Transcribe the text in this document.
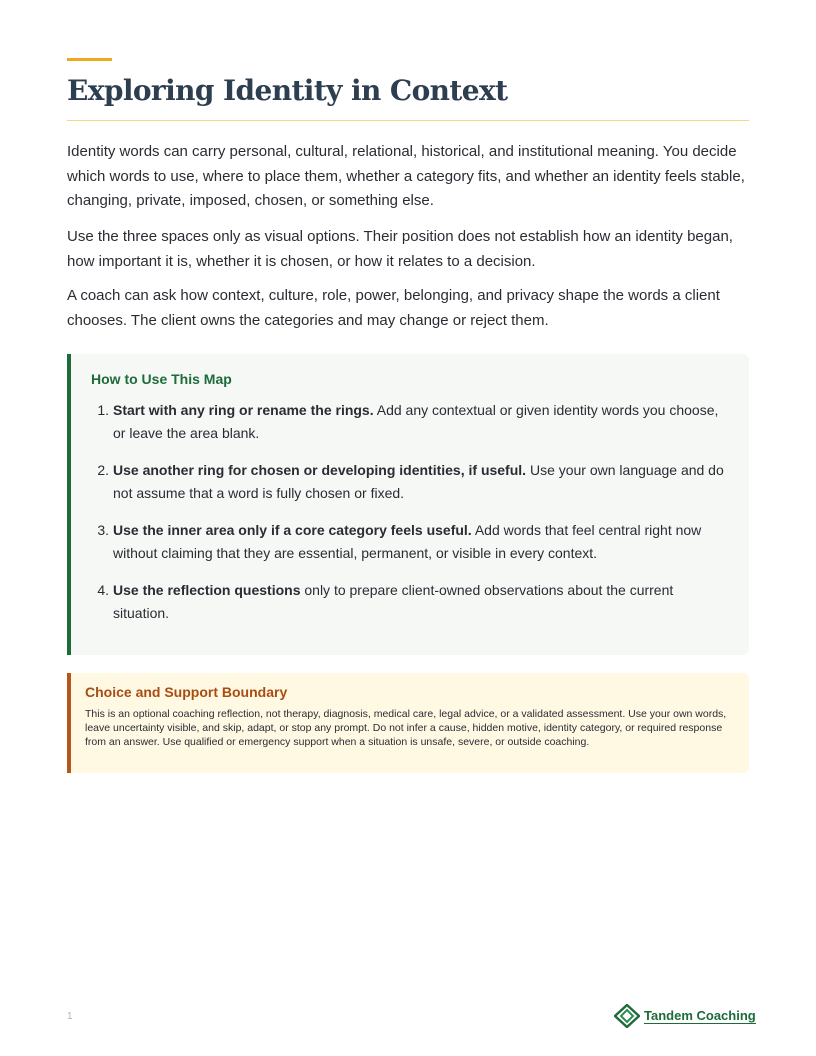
Exploring Identity in Context

Identity words can carry personal, cultural, relational, historical, and institutional meaning. You decide which words to use, where to place them, whether a category fits, and whether an identity feels stable, changing, private, imposed, chosen, or something else.

Use the three spaces only as visual options. Their position does not establish how an identity began, how important it is, whether it is chosen, or how it relates to a decision.

A coach can ask how context, culture, role, power, belonging, and privacy shape the words a client chooses. The client owns the categories and may change or reject them.

How to Use This Map
1. Start with any ring or rename the rings. Add any contextual or given identity words you choose, or leave the area blank.
2. Use another ring for chosen or developing identities, if useful. Use your own language and do not assume that a word is fully chosen or fixed.
3. Use the inner area only if a core category feels useful. Add words that feel central right now without claiming that they are essential, permanent, or visible in every context.
4. Use the reflection questions only to prepare client-owned observations about the current situation.
Choice and Support Boundary

This is an optional coaching reflection, not therapy, diagnosis, medical care, legal advice, or a validated assessment. Use your own words, leave uncertainty visible, and skip, adapt, or stop any prompt. Do not infer a cause, hidden motive, identity category, or required response from an answer. Use qualified or emergency support when a situation is unsafe, severe, or outside coaching.

1	Tandem Coaching
